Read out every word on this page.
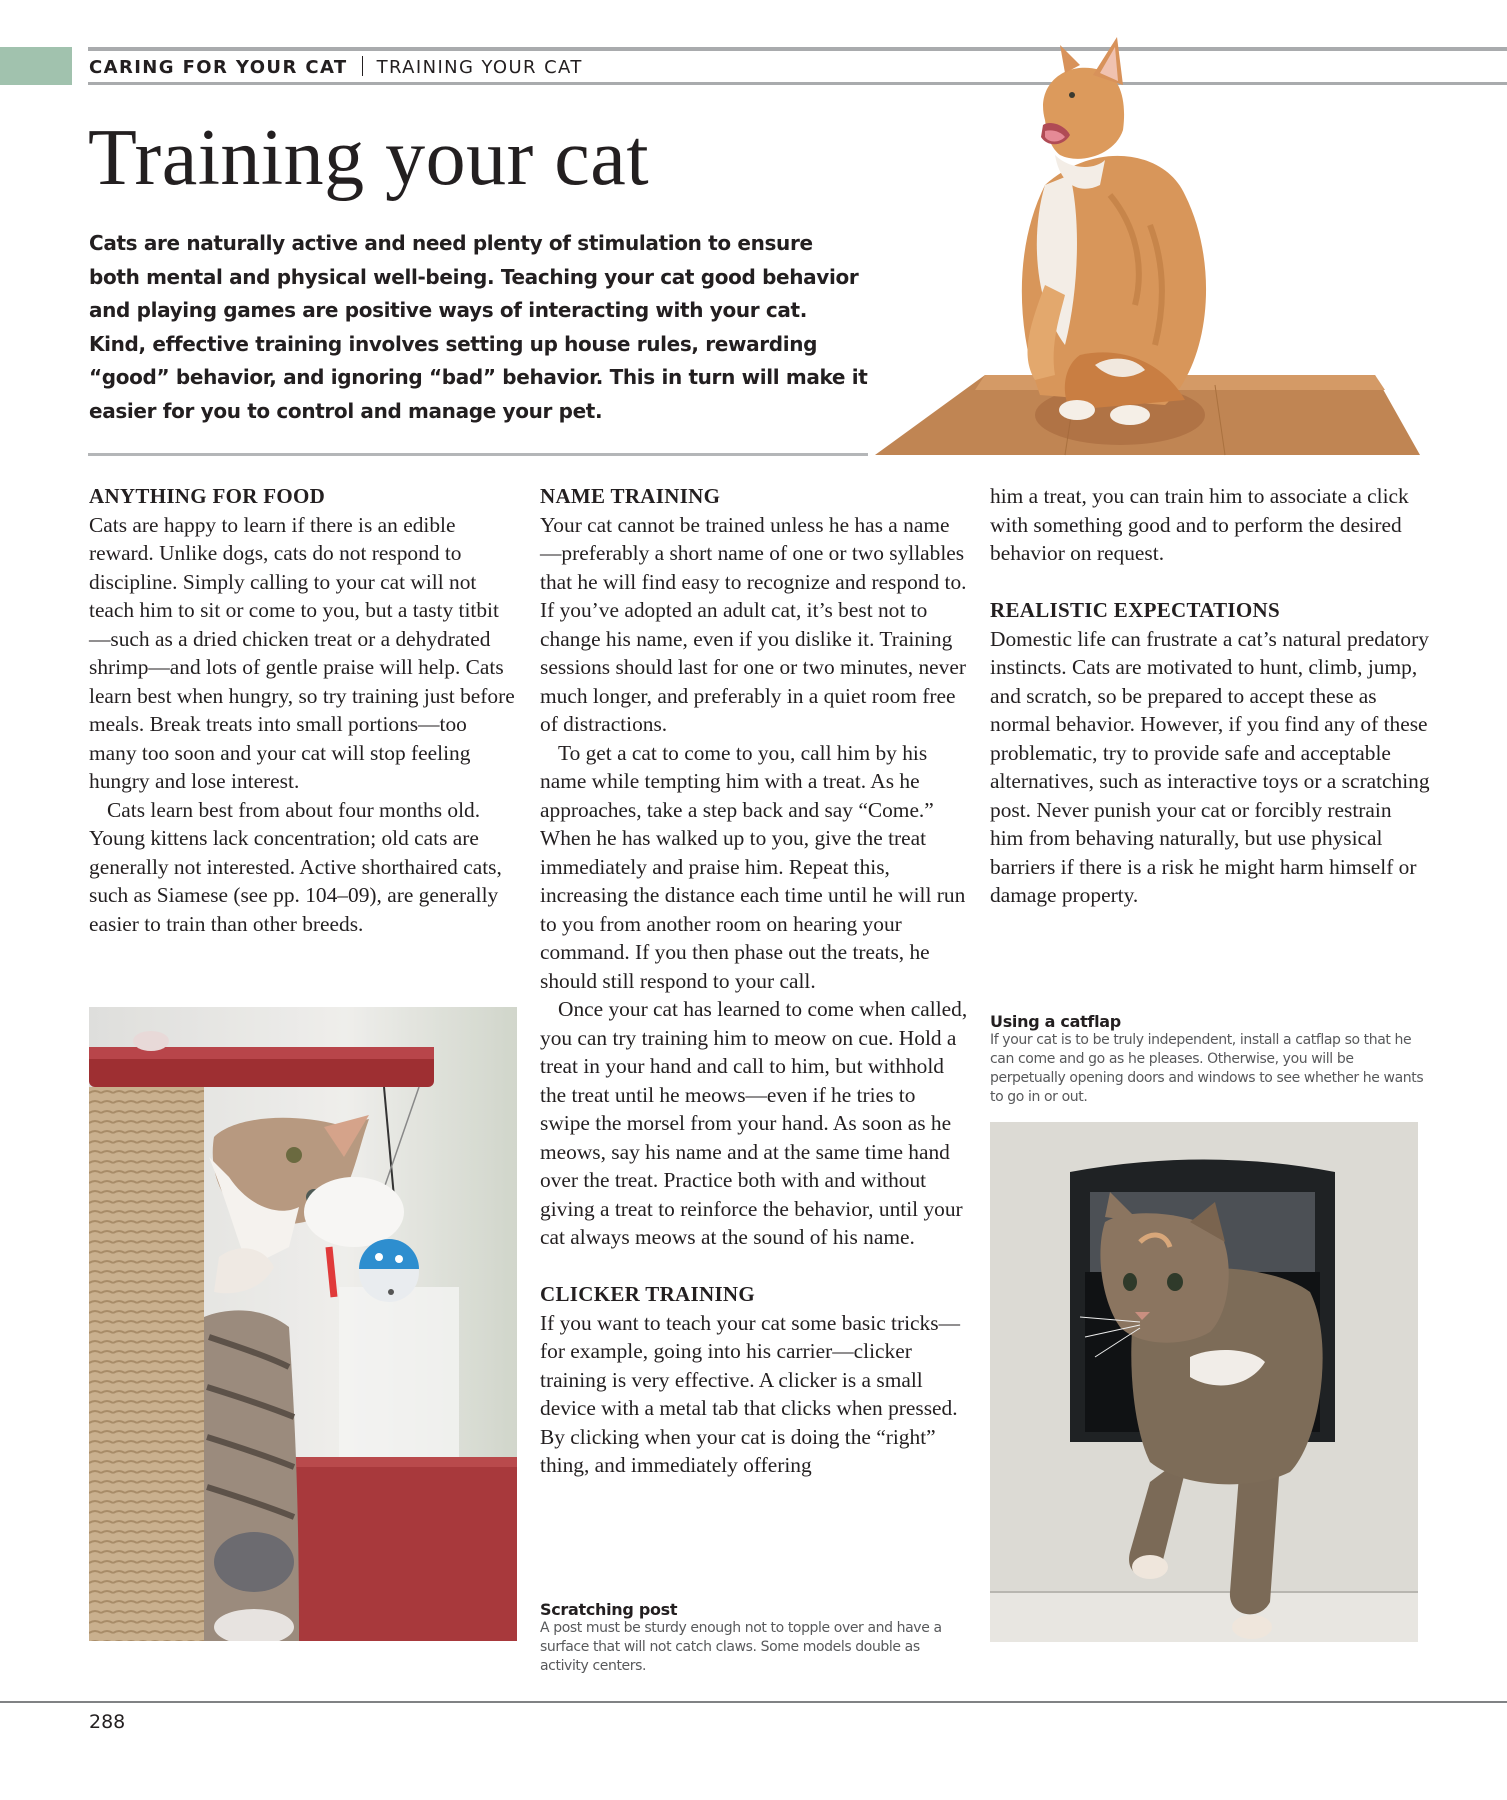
CARING FOR YOUR CAT TRAINING YOUR CAT
Training your cat

Cats are naturally active and need plenty of stimulation to ensure both mental and physical well-being. Teaching your cat good behavior and playing games are positive ways of interacting with your cat. Kind, effective training involves setting up house rules, rewarding “good” behavior, and ignoring “bad” behavior. This in turn will make it easier for you to control and manage your pet.

ANYTHING FOR FOOD

Cats are happy to learn if there is an edible reward. Unlike dogs, cats do not respond to discipline. Simply calling to your cat will not teach him to sit or come to you, but a tasty titbit—such as a dried chicken treat or a dehydrated shrimp—and lots of gentle praise will help. Cats learn best when hungry, so try training just before meals. Break treats into small portions—too many too soon and your cat will stop feeling hungry and lose interest.

Cats learn best from about four months old. Young kittens lack concentration; old cats are generally not interested. Active shorthaired cats, such as Siamese (see pp. 104–09), are generally easier to train than other breeds.

NAME TRAINING

Your cat cannot be trained unless he has a name—preferably a short name of one or two syllables that he will find easy to recognize and respond to. If you’ve adopted an adult cat, it’s best not to change his name, even if you dislike it. Training sessions should last for one or two minutes, never much longer, and preferably in a quiet room free of distractions.

To get a cat to come to you, call him by his name while tempting him with a treat. As he approaches, take a step back and say “Come.” When he has walked up to you, give the treat immediately and praise him. Repeat this, increasing the distance each time until he will run to you from another room on hearing your command. If you then phase out the treats, he should still respond to your call.

Once your cat has learned to come when called, you can try training him to meow on cue. Hold a treat in your hand and call to him, but withhold the treat until he meows—even if he tries to swipe the morsel from your hand. As soon as he meows, say his name and at the same time hand over the treat. Practice both with and without giving a treat to reinforce the behavior, until your cat always meows at the sound of his name.

CLICKER TRAINING

If you want to teach your cat some basic tricks—for example, going into his carrier—clicker training is very effective. A clicker is a small device with a metal tab that clicks when pressed. By clicking when your cat is doing the “right” thing, and immediately offering

Scratching post

A post must be sturdy enough not to topple over and have a surface that will not catch claws. Some models double as activity centers.

him a treat, you can train him to associate a click with something good and to perform the desired behavior on request.

REALISTIC EXPECTATIONS

Domestic life can frustrate a cat’s natural predatory instincts. Cats are motivated to hunt, climb, jump, and scratch, so be prepared to accept these as normal behavior. However, if you find any of these problematic, try to provide safe and acceptable alternatives, such as interactive toys or a scratching post. Never punish your cat or forcibly restrain him from behaving naturally, but use physical barriers if there is a risk he might harm himself or damage property.

Using a catflap

If your cat is to be truly independent, install a catflap so that he can come and go as he pleases. Otherwise, you will be perpetually opening doors and windows to see whether he wants to go in or out.

288
